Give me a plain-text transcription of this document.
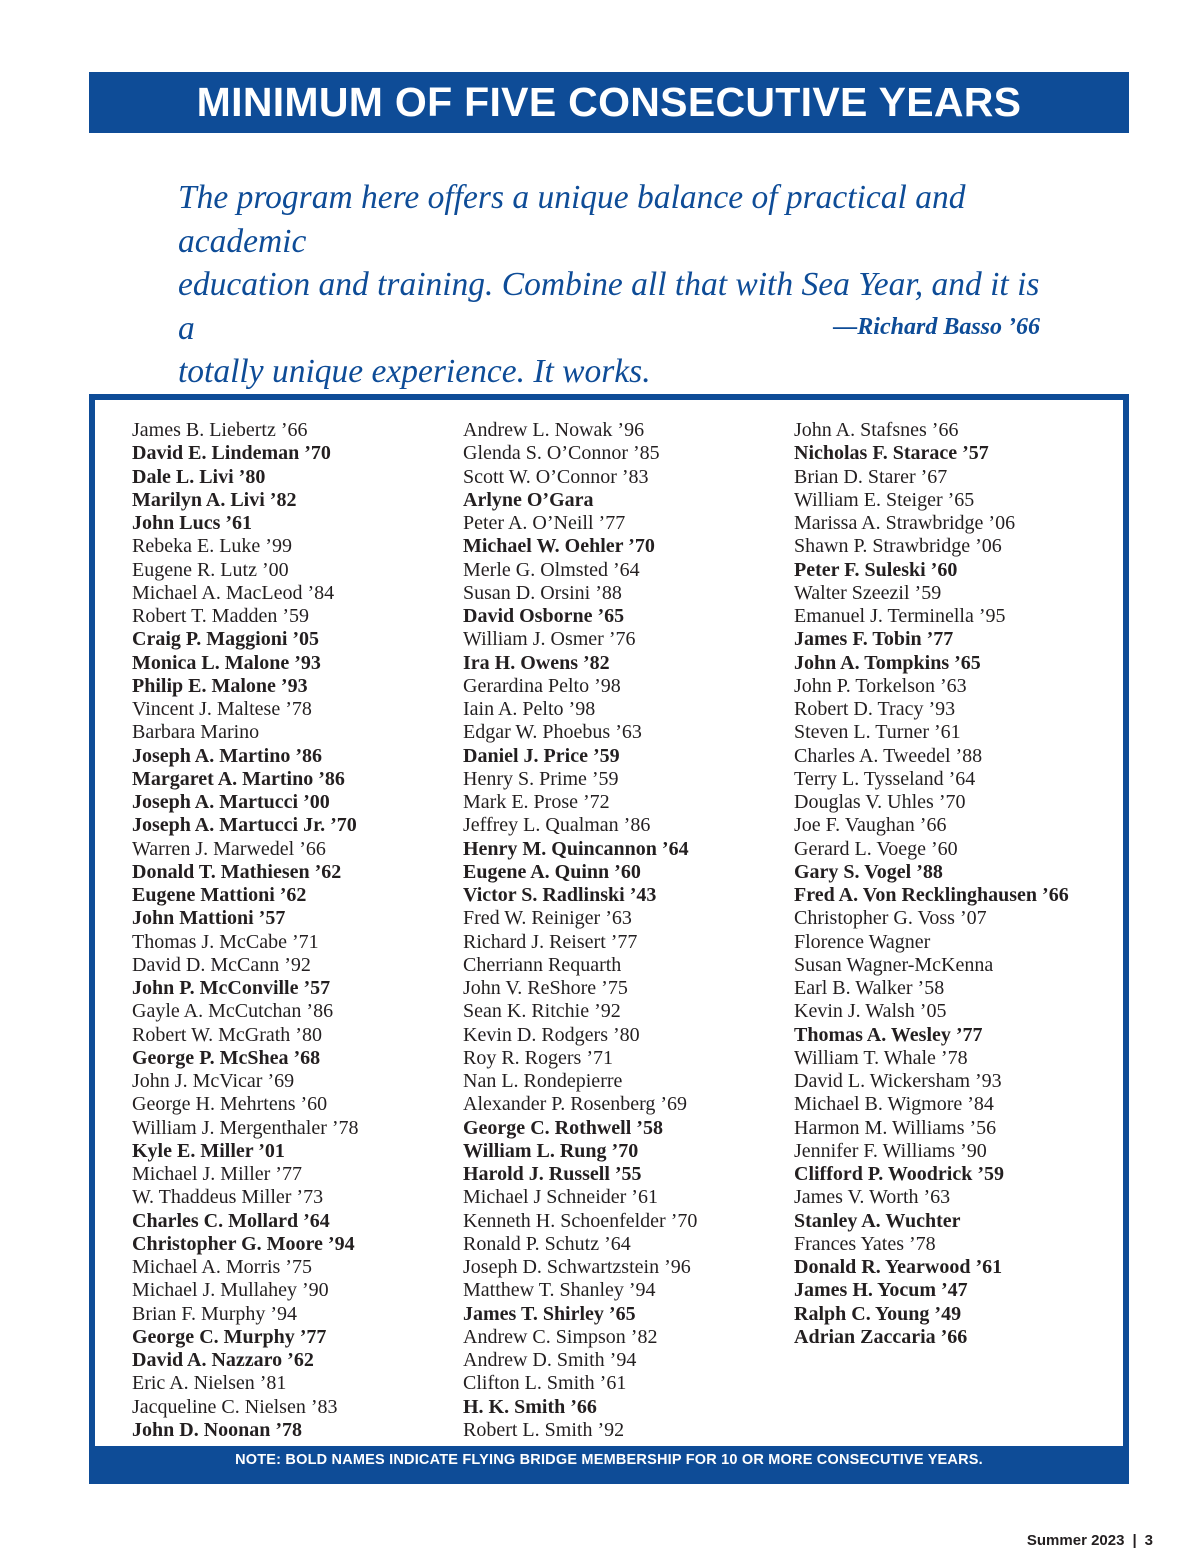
MINIMUM OF FIVE CONSECUTIVE YEARS

The program here offers a unique balance of practical and academic

education and training. Combine all that with Sea Year, and it is a

totally unique experience. It works.

—Richard Basso ’66
James B. Liebertz ’66
David E. Lindeman ’70
Dale L. Livi ’80
Marilyn A. Livi ’82
John Lucs ’61
Rebeka E. Luke ’99
Eugene R. Lutz ’00
Michael A. MacLeod ’84
Robert T. Madden ’59
Craig P. Maggioni ’05
Monica L. Malone ’93
Philip E. Malone ’93
Vincent J. Maltese ’78
Barbara Marino
Joseph A. Martino ’86
Margaret A. Martino ’86
Joseph A. Martucci ’00
Joseph A. Martucci Jr. ’70
Warren J. Marwedel ’66
Donald T. Mathiesen ’62
Eugene Mattioni ’62
John Mattioni ’57
Thomas J. McCabe ’71
David D. McCann ’92
John P. McConville ’57
Gayle A. McCutchan ’86
Robert W. McGrath ’80
George P. McShea ’68
John J. McVicar ’69
George H. Mehrtens ’60
William J. Mergenthaler ’78
Kyle E. Miller ’01
Michael J. Miller ’77
W. Thaddeus Miller ’73
Charles C. Mollard ’64
Christopher G. Moore ’94
Michael A. Morris ’75
Michael J. Mullahey ’90
Brian F. Murphy ’94
George C. Murphy ’77
David A. Nazzaro ’62
Eric A. Nielsen ’81
Jacqueline C. Nielsen ’83
John D. Noonan ’78
Andrew L. Nowak ’96
Glenda S. O’Connor ’85
Scott W. O’Connor ’83
Arlyne O’Gara
Peter A. O’Neill ’77
Michael W. Oehler ’70
Merle G. Olmsted ’64
Susan D. Orsini ’88
David Osborne ’65
William J. Osmer ’76
Ira H. Owens ’82
Gerardina Pelto ’98
Iain A. Pelto ’98
Edgar W. Phoebus ’63
Daniel J. Price ’59
Henry S. Prime ’59
Mark E. Prose ’72
Jeffrey L. Qualman ’86
Henry M. Quincannon ’64
Eugene A. Quinn ’60
Victor S. Radlinski ’43
Fred W. Reiniger ’63
Richard J. Reisert ’77
Cherriann Requarth
John V. ReShore ’75
Sean K. Ritchie ’92
Kevin D. Rodgers ’80
Roy R. Rogers ’71
Nan L. Rondepierre
Alexander P. Rosenberg ’69
George C. Rothwell ’58
William L. Rung ’70
Harold J. Russell ’55
Michael J Schneider ’61
Kenneth H. Schoenfelder ’70
Ronald P. Schutz ’64
Joseph D. Schwartzstein ’96
Matthew T. Shanley ’94
James T. Shirley ’65
Andrew C. Simpson ’82
Andrew D. Smith ’94
Clifton L. Smith ’61
H. K. Smith ’66
Robert L. Smith ’92
John A. Stafsnes ’66
Nicholas F. Starace ’57
Brian D. Starer ’67
William E. Steiger ’65
Marissa A. Strawbridge ’06
Shawn P. Strawbridge ’06
Peter F. Suleski ’60
Walter Szeezil ’59
Emanuel J. Terminella ’95
James F. Tobin ’77
John A. Tompkins ’65
John P. Torkelson ’63
Robert D. Tracy ’93
Steven L. Turner ’61
Charles A. Tweedel ’88
Terry L. Tysseland ’64
Douglas V. Uhles ’70
Joe F. Vaughan ’66
Gerard L. Voege ’60
Gary S. Vogel ’88
Fred A. Von Recklinghausen ’66
Christopher G. Voss ’07
Florence Wagner
Susan Wagner-McKenna
Earl B. Walker ’58
Kevin J. Walsh ’05
Thomas A. Wesley ’77
William T. Whale ’78
David L. Wickersham ’93
Michael B. Wigmore ’84
Harmon M. Williams ’56
Jennifer F. Williams ’90
Clifford P. Woodrick ’59
James V. Worth ’63
Stanley A. Wuchter
Frances Yates ’78
Donald R. Yearwood ’61
James H. Yocum ’47
Ralph C. Young ’49
Adrian Zaccaria ’66
NOTE: BOLD NAMES INDICATE FLYING BRIDGE MEMBERSHIP FOR 10 OR MORE CONSECUTIVE YEARS.
Summer 2023 | 3
